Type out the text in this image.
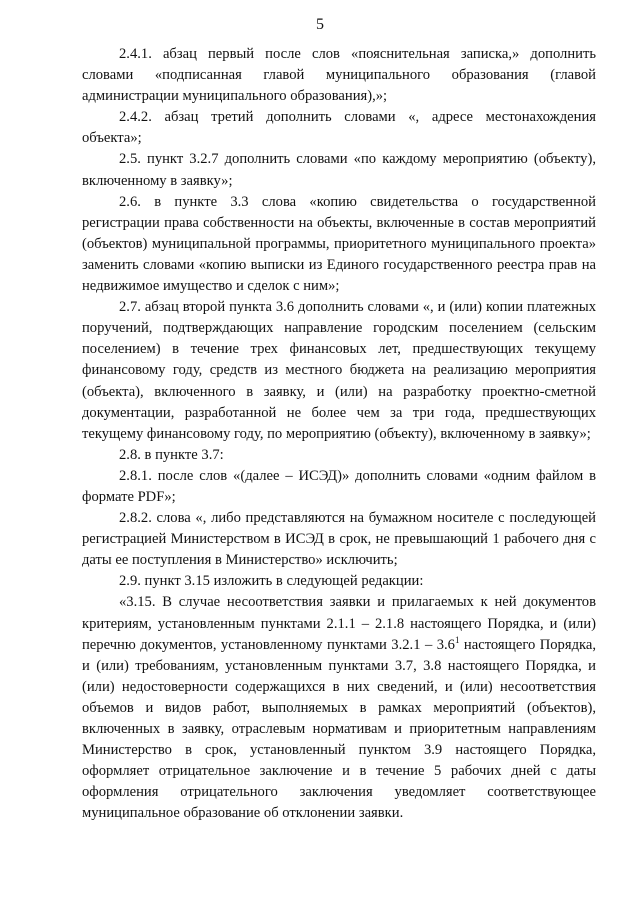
5

2.4.1. абзац первый после слов «пояснительная записка,» дополнить словами «подписанная главой муниципального образования (главой администрации муниципального образования),»;

2.4.2. абзац третий дополнить словами «, адресе местонахождения объекта»;

2.5. пункт 3.2.7 дополнить словами «по каждому мероприятию (объекту), включенному в заявку»;

2.6. в пункте 3.3 слова «копию свидетельства о государственной регистрации права собственности на объекты, включенные в состав мероприятий (объектов) муниципальной программы, приоритетного муниципального проекта» заменить словами «копию выписки из Единого государственного реестра прав на недвижимое имущество и сделок с ним»;

2.7. абзац второй пункта 3.6 дополнить словами «, и (или) копии платежных поручений, подтверждающих направление городским поселением (сельским поселением) в течение трех финансовых лет, предшествующих текущему финансовому году, средств из местного бюджета на реализацию мероприятия (объекта), включенного в заявку, и (или) на разработку проектно-сметной документации, разработанной не более чем за три года, предшествующих текущему финансовому году, по мероприятию (объекту), включенному в заявку»;

2.8. в пункте 3.7:

2.8.1. после слов «(далее – ИСЭД)» дополнить словами «одним файлом в формате PDF»;

2.8.2. слова «, либо представляются на бумажном носителе с последующей регистрацией Министерством в ИСЭД в срок, не превышающий 1 рабочего дня с даты ее поступления в Министерство» исключить;

2.9. пункт 3.15 изложить в следующей редакции:

«3.15. В случае несоответствия заявки и прилагаемых к ней документов критериям, установленным пунктами 2.1.1 – 2.1.8 настоящего Порядка, и (или) перечню документов, установленному пунктами $3.2.1 - 3.6^1$ настоящего Порядка, и (или) требованиям, установленным пунктами 3.7, 3.8 настоящего Порядка, и (или) недостоверности содержащихся в них сведений, и (или) несоответствия объемов и видов работ, выполняемых в рамках мероприятий (объектов), включенных в заявку, отраслевым нормативам и приоритетным направлениям Министерство в срок, установленный пунктом 3.9 настоящего Порядка, оформляет отрицательное заключение и в течение 5 рабочих дней с даты оформления отрицательного заключения уведомляет соответствующее муниципальное образование об отклонении заявки.
